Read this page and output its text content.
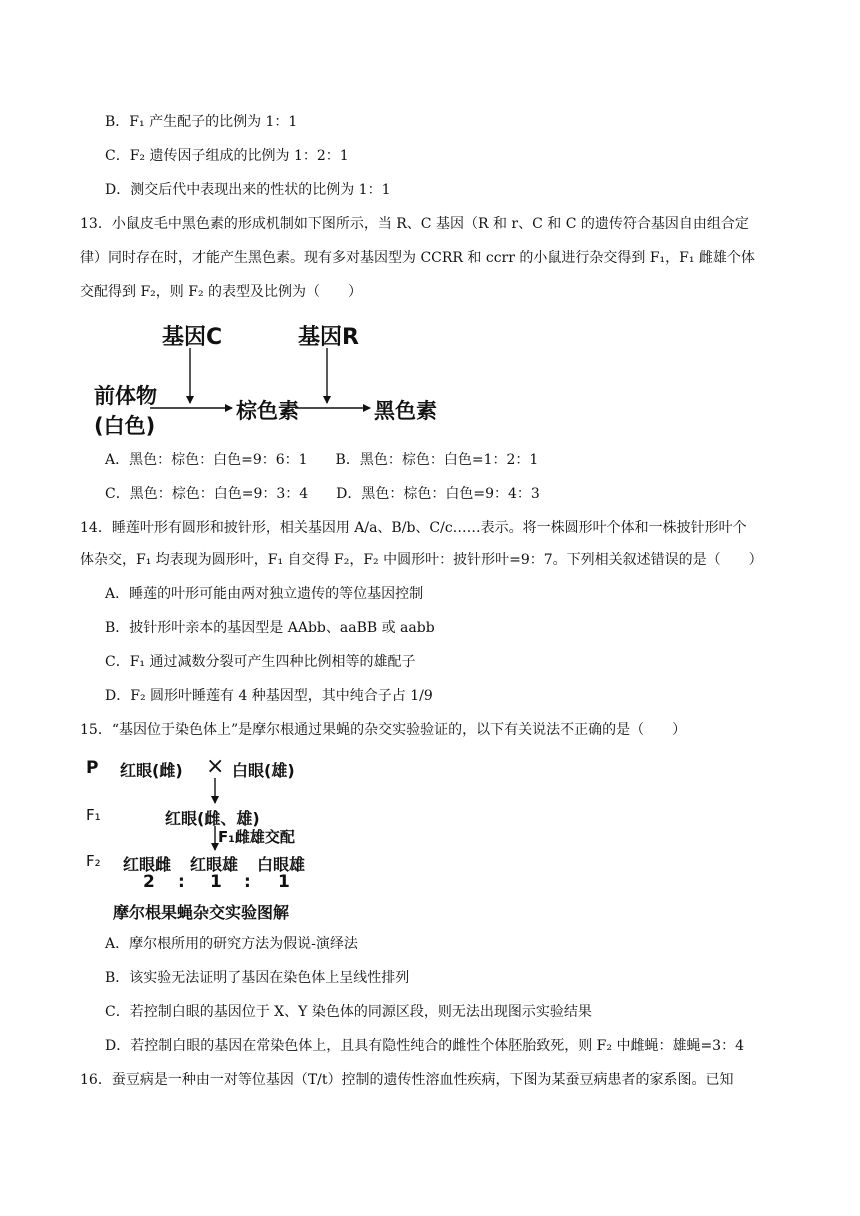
B．F₁ 产生配子的比例为 1：1
C．F₂ 遗传因子组成的比例为 1：2：1
D．测交后代中表现出来的性状的比例为 1：1
13．小鼠皮毛中黑色素的形成机制如下图所示，当 R、C 基因（R 和 r、C 和 C 的遗传符合基因自由组合定
律）同时存在时，才能产生黑色素。现有多对基因型为 CCRR 和 ccrr 的小鼠进行杂交得到 F₁，F₁ 雌雄个体
交配得到 F₂，则 F₂ 的表型及比例为（　　）
基因C	基因R
前体物
(白色)
棕色素	黑色素
A．黑色：棕色：白色=9：6：1　　B．黑色：棕色：白色=1：2：1
C．黑色：棕色：白色=9：3：4　　D．黑色：棕色：白色=9：4：3
14．睡莲叶形有圆形和披针形，相关基因用 A/a、B/b、C/c……表示。将一株圆形叶个体和一株披针形叶个
体杂交，F₁ 均表现为圆形叶，F₁ 自交得 F₂，F₂ 中圆形叶：披针形叶=9：7。下列相关叙述错误的是（　　）
A．睡莲的叶形可能由两对独立遗传的等位基因控制
B．披针形叶亲本的基因型是 AAbb、aaBB 或 aabb
C．F₁ 通过减数分裂可产生四种比例相等的雄配子
D．F₂ 圆形叶睡莲有 4 种基因型，其中纯合子占 1/9
15．“基因位于染色体上”是摩尔根通过果蝇的杂交实验验证的，以下有关说法不正确的是（　　）
P 红眼(雌) × 白眼(雄)
F₁	红眼(雌、雄)
F₁雌雄交配
F₂ 红眼雌 红眼雄 白眼雄
2 : 1 : 1
摩尔根果蝇杂交实验图解
A．摩尔根所用的研究方法为假说-演绎法
B．该实验无法证明了基因在染色体上呈线性排列
C．若控制白眼的基因位于 X、Y 染色体的同源区段，则无法出现图示实验结果
D．若控制白眼的基因在常染色体上，且具有隐性纯合的雌性个体胚胎致死，则 F₂ 中雌蝇：雄蝇=3：4
16．蚕豆病是一种由一对等位基因（T/t）控制的遗传性溶血性疾病，下图为某蚕豆病患者的家系图。已知
